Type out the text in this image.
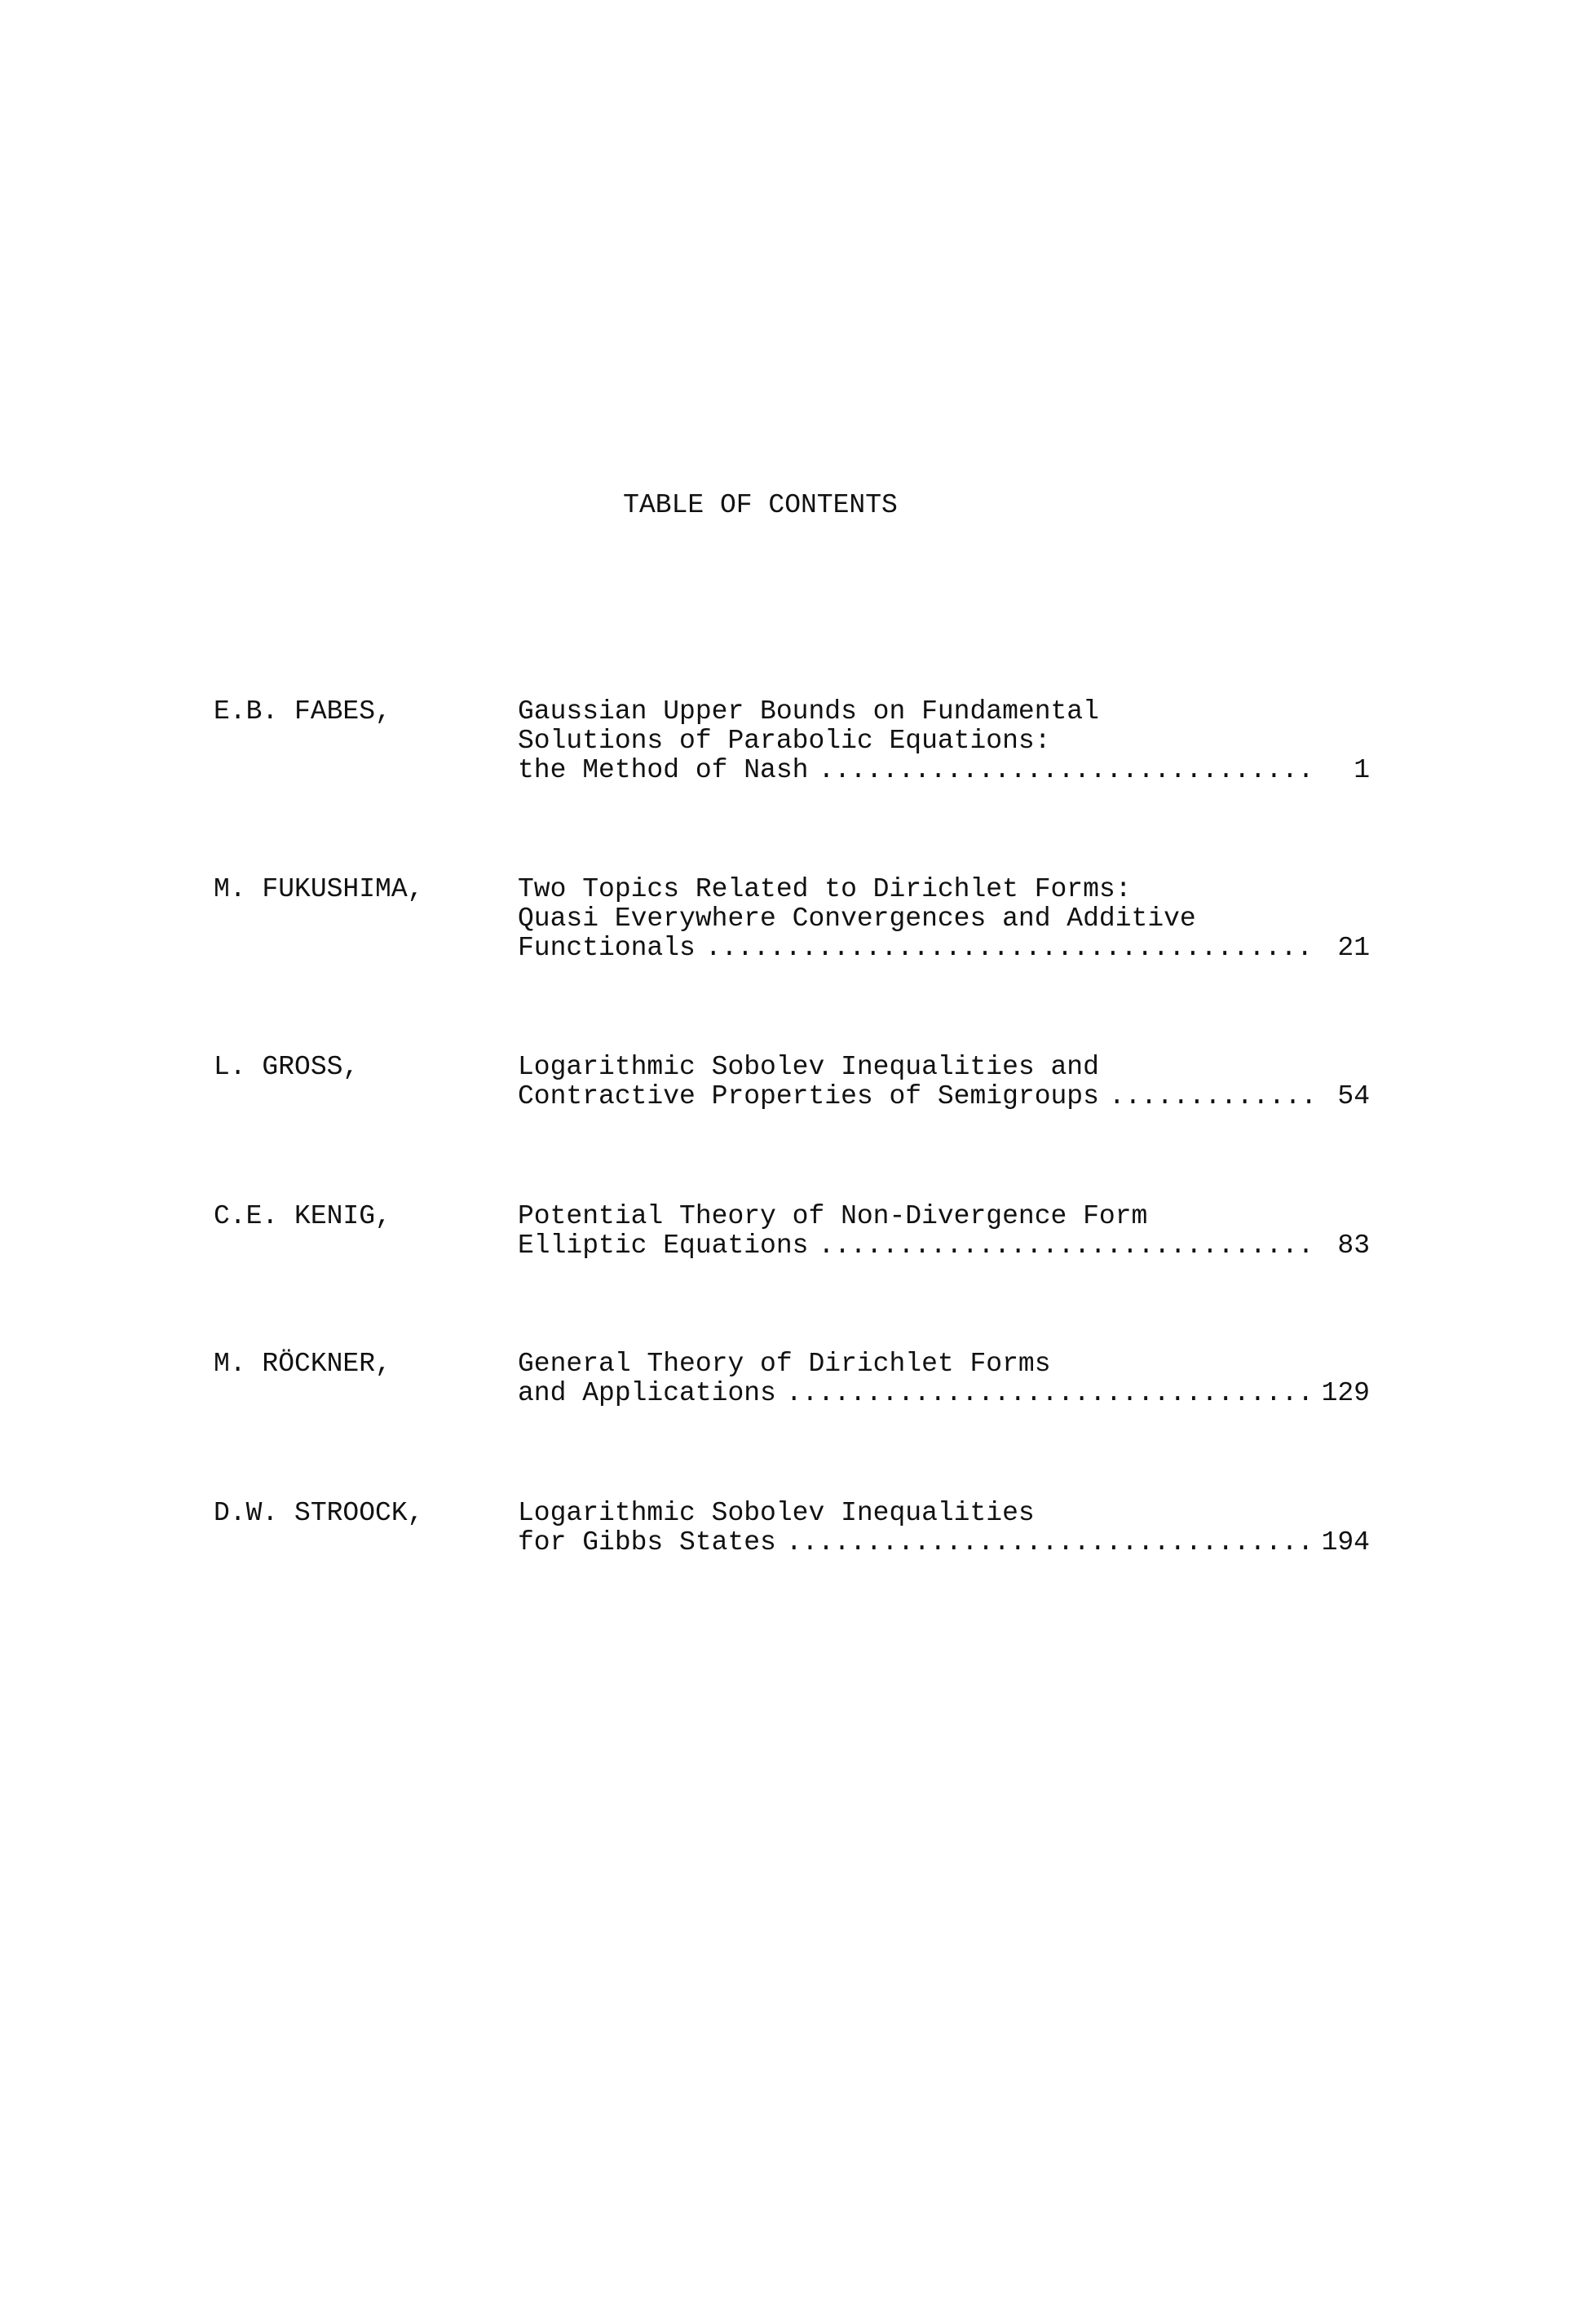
TABLE OF CONTENTS
E.B. FABES,	Gaussian Upper Bounds on Fundamental
Solutions of Parabolic Equations:
the Method of Nash . . .	1
M. FUKUSHIMA,	Two Topics Related to Dirichlet Forms:
Quasi Everywhere Convergences and Additive
Functionals . . .	21
L. GROSS,	Logarithmic Sobolev Inequalities and
Contractive Properties of Semigroups . . .	54
C.E. KENIG,	Potential Theory of Non-Divergence Form
Elliptic Equations . . .	83
M. RÖCKNER,	General Theory of Dirichlet Forms
and Applications . . .	129
D.W. STROOCK,	Logarithmic Sobolev Inequalities
for Gibbs States . . .	194
